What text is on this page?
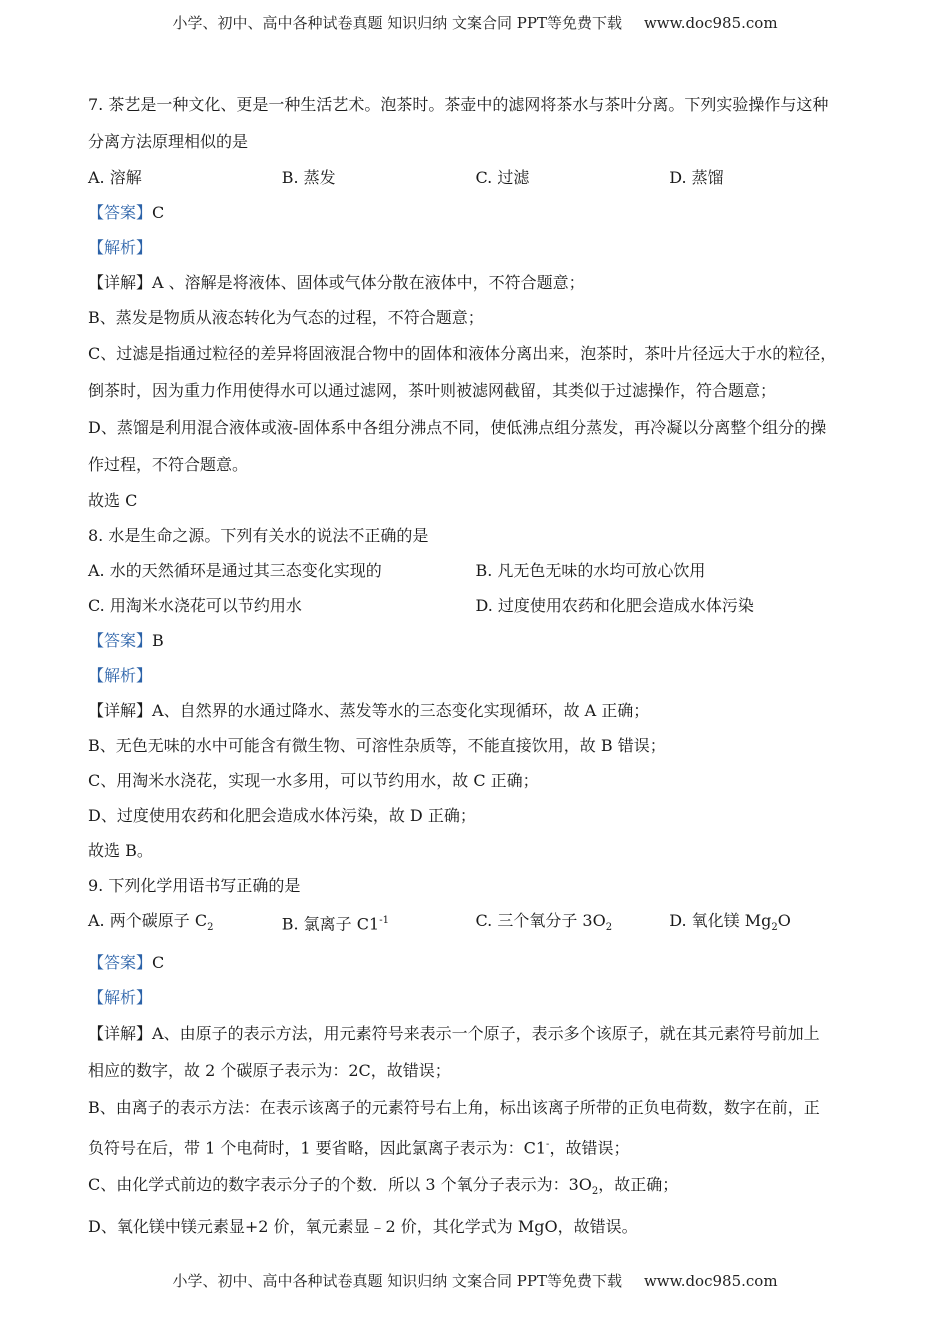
小学、初中、高中各种试卷真题 知识归纳 文案合同 PPT等免费下载 www.doc985.com
7. 茶艺是一种文化、更是一种生活艺术。泡茶时。茶壶中的滤网将茶水与茶叶分离。下列实验操作与这种
分离方法原理相似的是
A. 溶解	B. 蒸发	C. 过滤	D. 蒸馏
【答案】C
【解析】
【详解】A 、溶解是将液体、固体或气体分散在液体中，不符合题意；
B、蒸发是物质从液态转化为气态的过程，不符合题意；
C、过滤是指通过粒径的差异将固液混合物中的固体和液体分离出来，泡茶时，茶叶片径远大于水的粒径，
倒茶时，因为重力作用使得水可以通过滤网，茶叶则被滤网截留，其类似于过滤操作，符合题意；
D、蒸馏是利用混合液体或液-固体系中各组分沸点不同，使低沸点组分蒸发，再冷凝以分离整个组分的操
作过程，不符合题意。
故选 C
8. 水是生命之源。下列有关水的说法不正确的是
A. 水的天然循环是通过其三态变化实现的	B. 凡无色无味的水均可放心饮用
C. 用淘米水浇花可以节约用水	D. 过度使用农药和化肥会造成水体污染
【答案】B
【解析】
【详解】A、自然界的水通过降水、蒸发等水的三态变化实现循环，故 A 正确；
B、无色无味的水中可能含有微生物、可溶性杂质等，不能直接饮用，故 B 错误；
C、用淘米水浇花，实现一水多用，可以节约用水，故 C 正确；
D、过度使用农药和化肥会造成水体污染，故 D 正确；
故选 B。
9. 下列化学用语书写正确的是
A. 两个碳原子 $C_2$	B. 氯离子 $C1^{-1}$	C. 三个氧分子 $3O_2$	D. 氧化镁 $Mg_2O$
【答案】C
【解析】
【详解】A、由原子的表示方法，用元素符号来表示一个原子，表示多个该原子，就在其元素符号前加上
相应的数字，故 2 个碳原子表示为：2C，故错误；
B、由离子的表示方法：在表示该离子的元素符号右上角，标出该离子所带的正负电荷数，数字在前，正
负符号在后，带 1 个电荷时，1 要省略，因此氯离子表示为：C1-，故错误；
C、由化学式前边的数字表示分子的个数．所以 3 个氧分子表示为：$3O_2$，故正确；
D、氧化镁中镁元素显+2 价，氧元素显﹣2 价，其化学式为 MgO，故错误。
小学、初中、高中各种试卷真题 知识归纳 文案合同 PPT等免费下载 www.doc985.com
